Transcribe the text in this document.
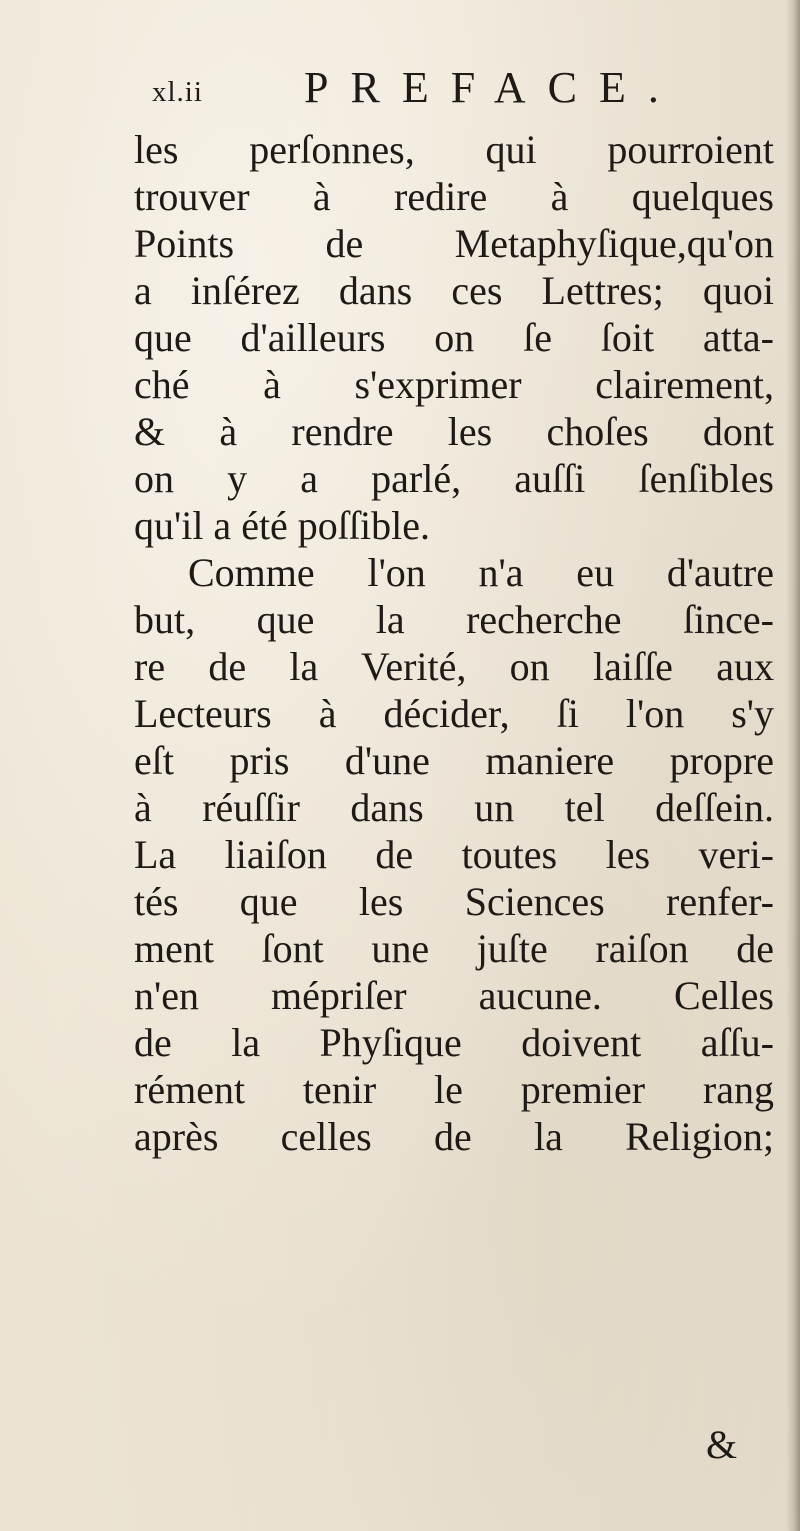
xl.ii PREFACE.
les perſonnes, qui pourroient
trouver à redire à quelques
Points de Metaphyſique,qu'on
a inſérez dans ces Lettres; quoi
que d'ailleurs on ſe ſoit atta-
ché à s'exprimer clairement,
& à rendre les choſes dont
on y a parlé, auſſi ſenſibles
qu'il a été poſſible.
Comme l'on n'a eu d'autre
but, que la recherche ſince-
re de la Verité, on laiſſe aux
Lecteurs à décider, ſi l'on s'y
eſt pris d'une maniere propre
à réuſſir dans un tel deſſein.
La liaiſon de toutes les veri-
tés que les Sciences renfer-
ment ſont une juſte raiſon de
n'en mépriſer aucune. Celles
de la Phyſique doivent aſſu-
rément tenir le premier rang
après celles de la Religion;
&
